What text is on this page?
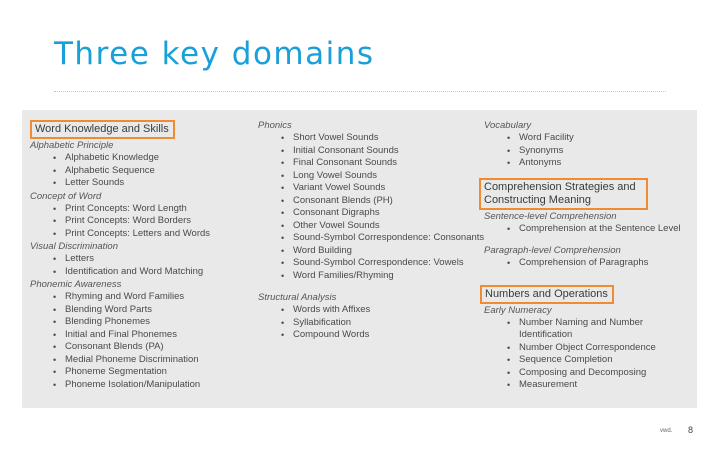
Three key domains
Word Knowledge and Skills
Alphabetic Principle
• Alphabetic Knowledge
• Alphabetic Sequence
• Letter Sounds
Concept of Word
• Print Concepts: Word Length
• Print Concepts: Word Borders
• Print Concepts: Letters and Words
Visual Discrimination
• Letters
• Identification and Word Matching
Phonemic Awareness
• Rhyming and Word Families
• Blending Word Parts
• Blending Phonemes
• Initial and Final Phonemes
• Consonant Blends (PA)
• Medial Phoneme Discrimination
• Phoneme Segmentation
• Phoneme Isolation/Manipulation
Phonics
• Short Vowel Sounds
• Initial Consonant Sounds
• Final Consonant Sounds
• Long Vowel Sounds
• Variant Vowel Sounds
• Consonant Blends (PH)
• Consonant Digraphs
• Other Vowel Sounds
• Sound-Symbol Correspondence: Consonants
• Word Building
• Sound-Symbol Correspondence: Vowels
• Word Families/Rhyming
Structural Analysis
• Words with Affixes
• Syllabification
• Compound Words
Vocabulary
• Word Facility
• Synonyms
• Antonyms
Comprehension Strategies and Constructing Meaning
Sentence-level Comprehension
• Comprehension at the Sentence Level
Paragraph-level Comprehension
• Comprehension of Paragraphs
Numbers and Operations
Early Numeracy
• Number Naming and Number Identification
• Number Object Correspondence
• Sequence Completion
• Composing and Decomposing
• Measurement
vwd. 8
